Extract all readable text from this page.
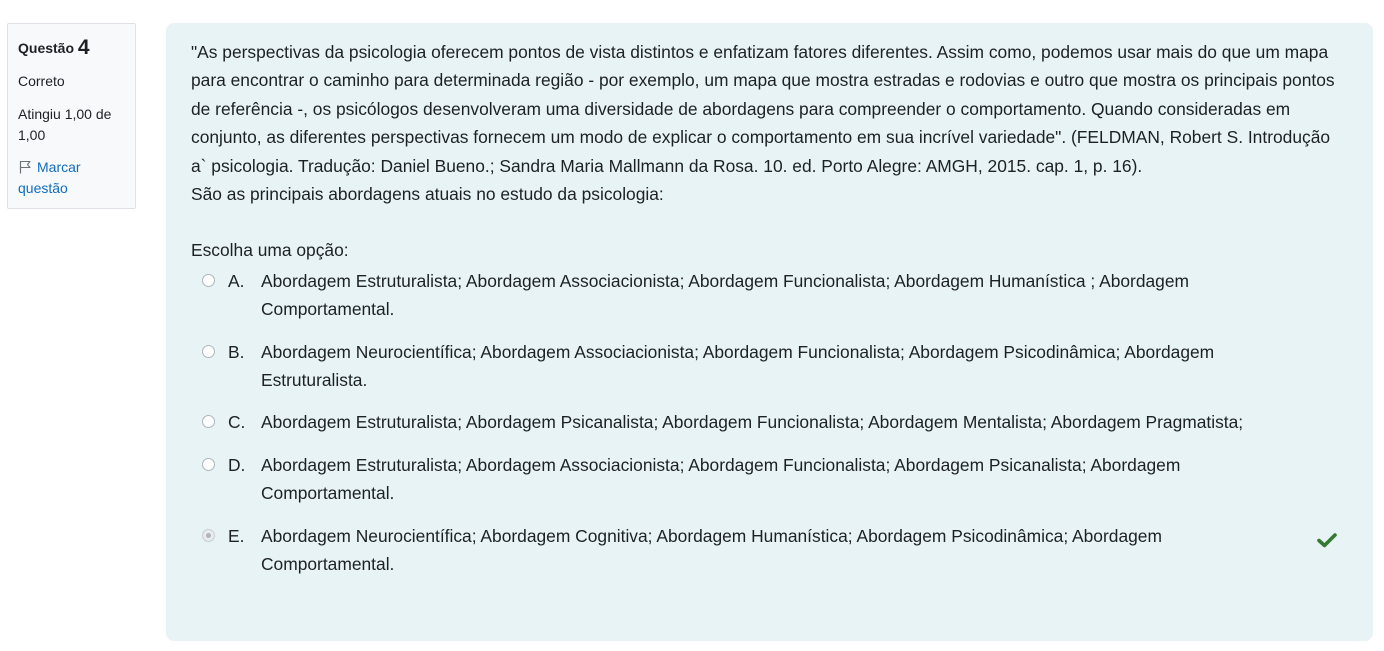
Questão 4
Correto
Atingiu 1,00 de 1,00
Marcar questão

"As perspectivas da psicologia oferecem pontos de vista distintos e enfatizam fatores diferentes. Assim como, podemos usar mais do que um mapa para encontrar o caminho para determinada região - por exemplo, um mapa que mostra estradas e rodovias e outro que mostra os principais pontos de referência -, os psicólogos desenvolveram uma diversidade de abordagens para compreender o comportamento. Quando consideradas em conjunto, as diferentes perspectivas fornecem um modo de explicar o comportamento em sua incrível variedade". (FELDMAN, Robert S. Introdução a` psicologia. Tradução: Daniel Bueno.; Sandra Maria Mallmann da Rosa. 10. ed. Porto Alegre: AMGH, 2015. cap. 1, p. 16).

São as principais abordagens atuais no estudo da psicologia:

Escolha uma opção:
A. Abordagem Estruturalista; Abordagem Associacionista; Abordagem Funcionalista; Abordagem Humanística ; Abordagem Comportamental.
B. Abordagem Neurocientífica; Abordagem Associacionista; Abordagem Funcionalista; Abordagem Psicodinâmica; Abordagem Estruturalista.
C. Abordagem Estruturalista; Abordagem Psicanalista; Abordagem Funcionalista; Abordagem Mentalista; Abordagem Pragmatista;
D. Abordagem Estruturalista; Abordagem Associacionista; Abordagem Funcionalista; Abordagem Psicanalista; Abordagem Comportamental.
E. Abordagem Neurocientífica; Abordagem Cognitiva; Abordagem Humanística; Abordagem Psicodinâmica; Abordagem Comportamental.
